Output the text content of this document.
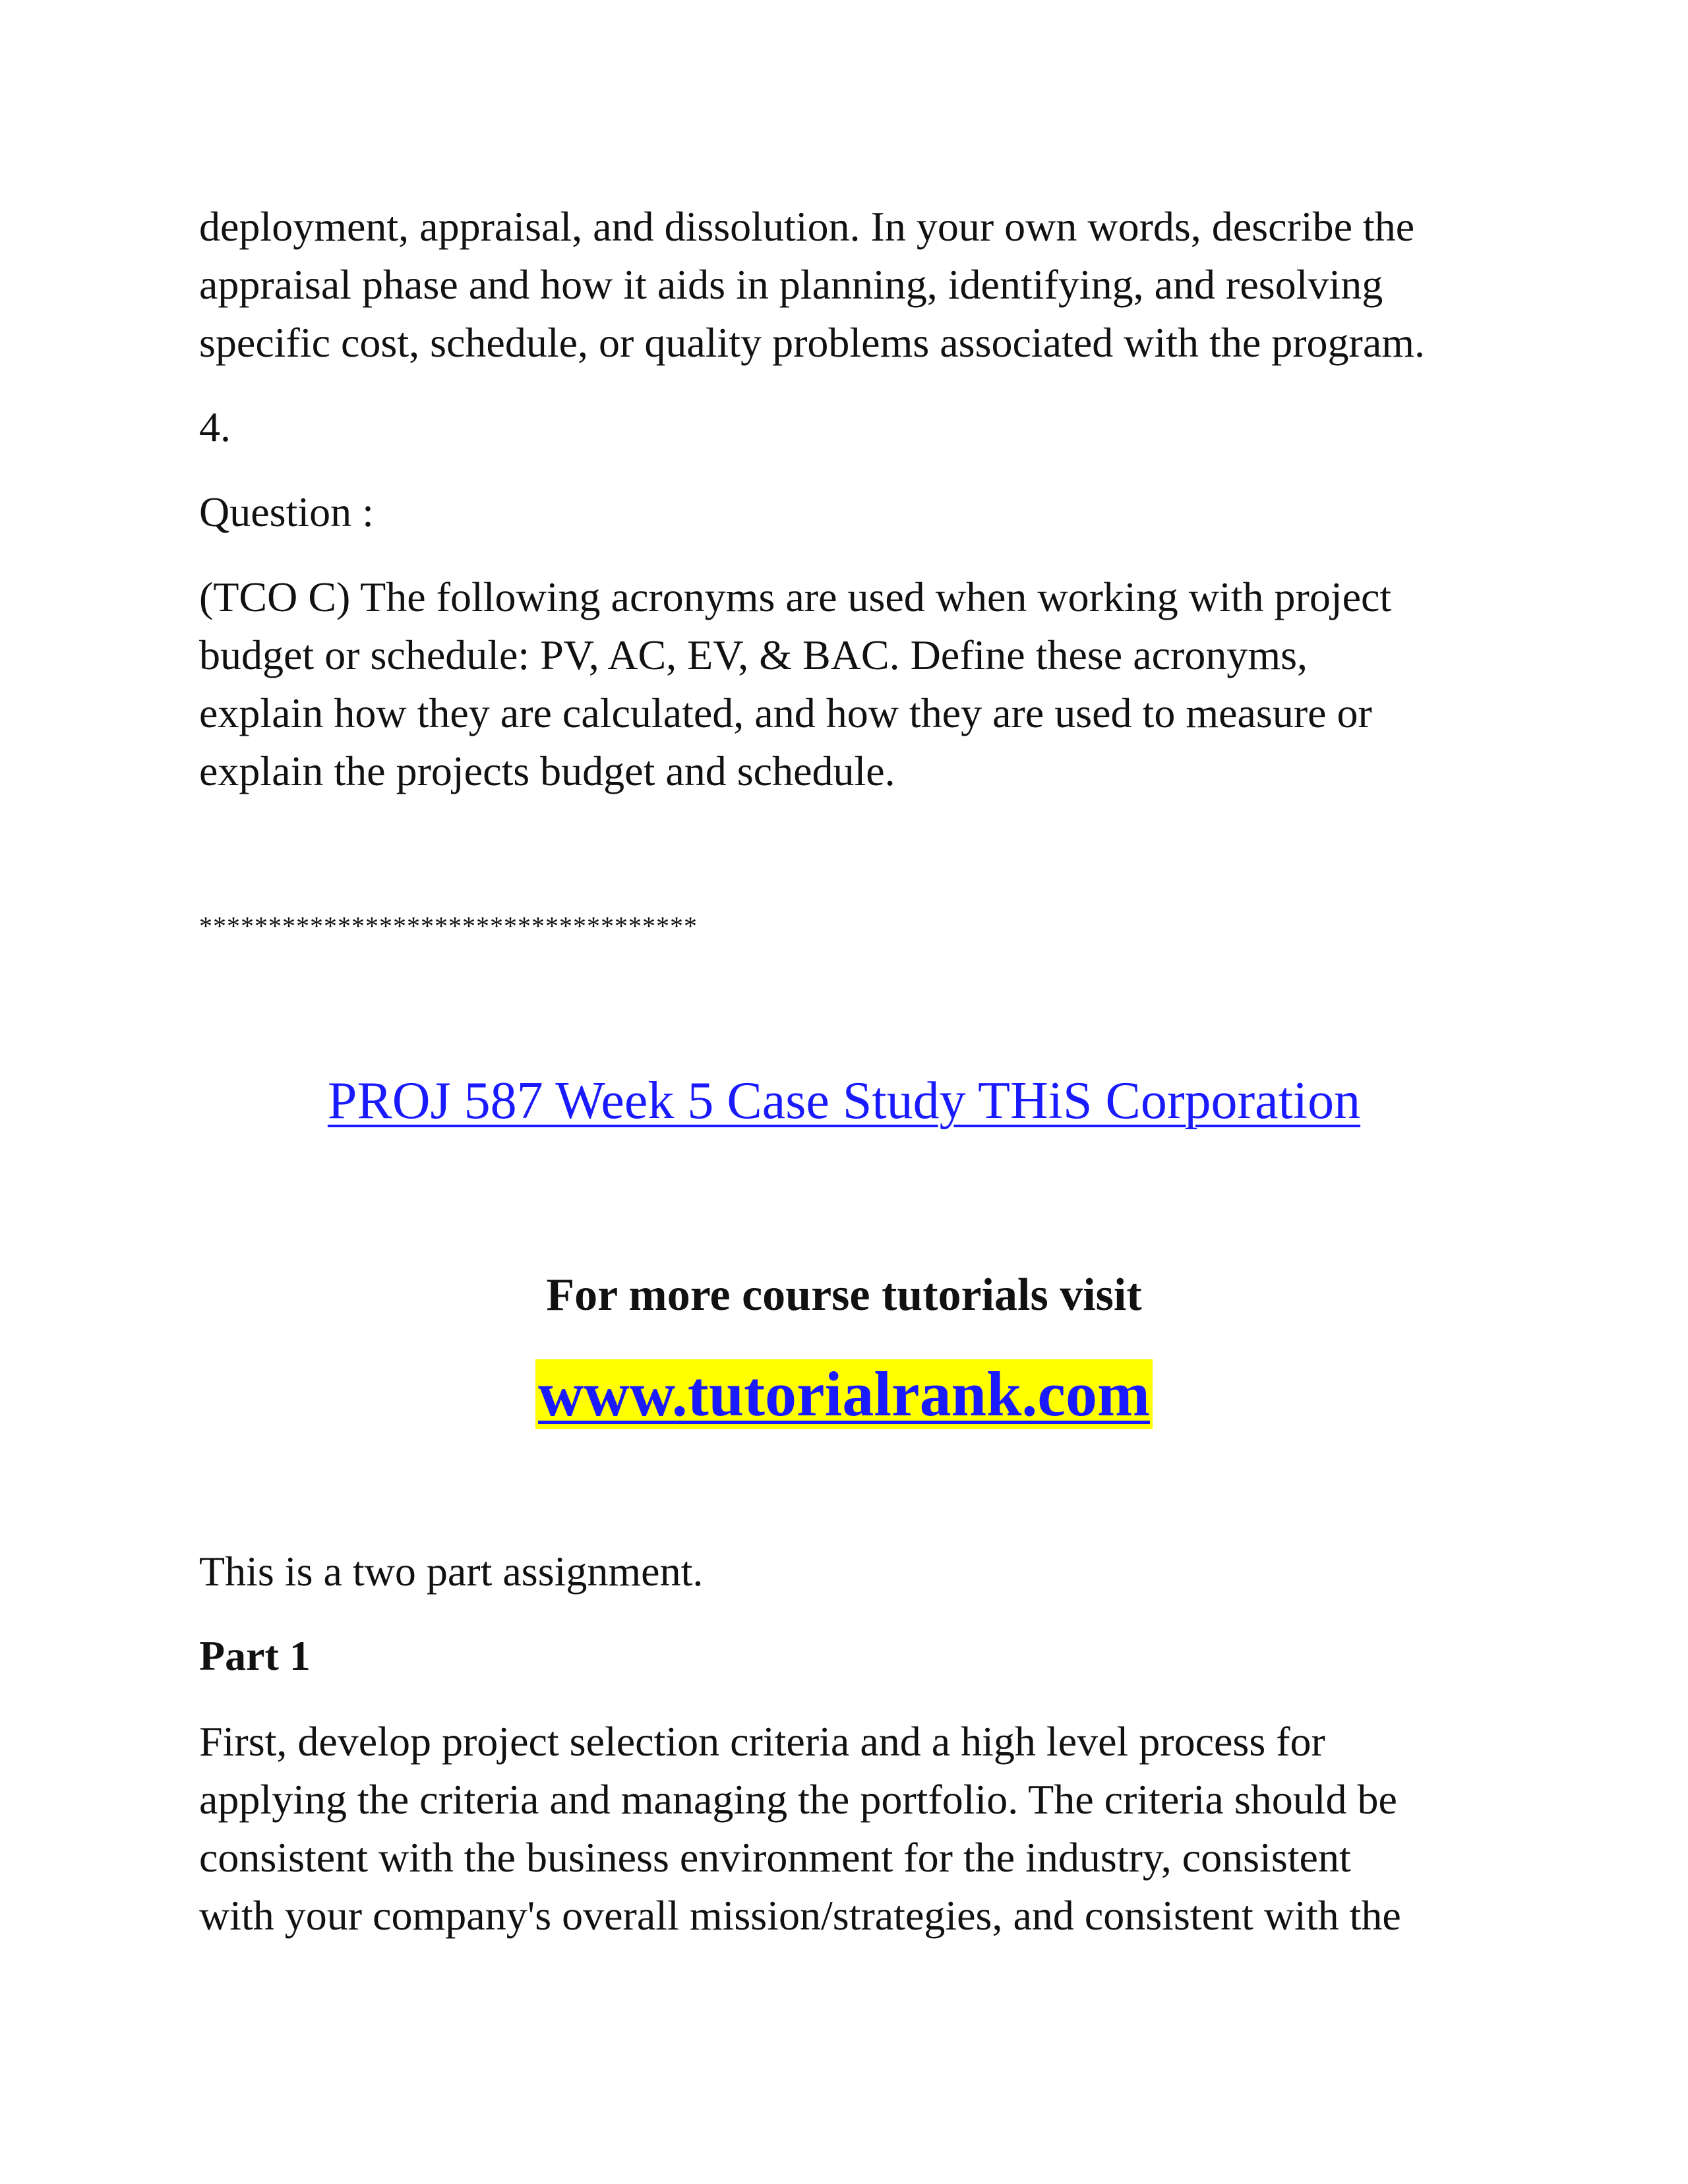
deployment, appraisal, and dissolution. In your own words, describe the
appraisal phase and how it aids in planning, identifying, and resolving
specific cost, schedule, or quality problems associated with the program.
4.
Question :
(TCO C) The following acronyms are used when working with project
budget or schedule: PV, AC, EV, & BAC. Define these acronyms,
explain how they are calculated, and how they are used to measure or
explain the projects budget and schedule.
************************************
PROJ 587 Week 5 Case Study THiS Corporation
For more course tutorials visit
www.tutorialrank.com
This is a two part assignment.
Part 1
First, develop project selection criteria and a high level process for
applying the criteria and managing the portfolio. The criteria should be
consistent with the business environment for the industry, consistent
with your company's overall mission/strategies, and consistent with the
